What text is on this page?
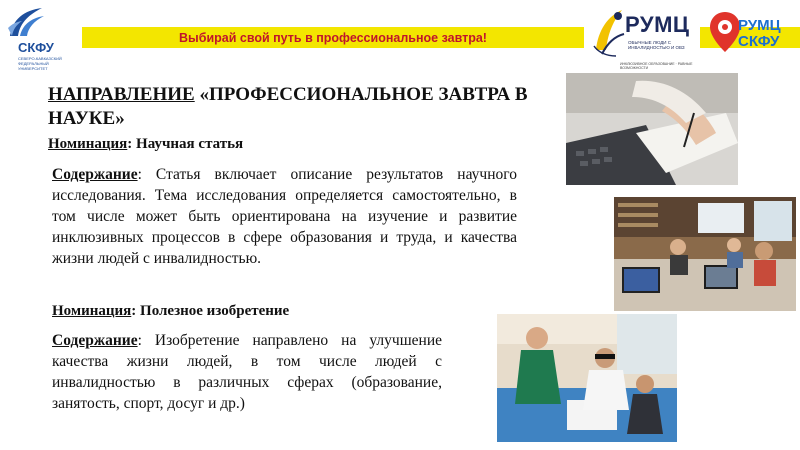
СКФУ
СЕВЕРО-КАВКАЗСКИЙ ФЕДЕРАЛЬНЫЙ УНИВЕРСИТЕТ
Выбирай свой путь в профессиональное завтра!
РУМЦ
ОБЫЧНЫЕ ЛЮДИ С ИНВАЛИДНОСТЬЮ И ОВЗ
ИНКЛЮЗИВНОЕ ОБРАЗОВАНИЕ · РАВНЫЕ ВОЗМОЖНОСТИ
РУМЦ
СКФУ
НАПРАВЛЕНИЕ «ПРОФЕССИОНАЛЬНОЕ ЗАВТРА В НАУКЕ»
Номинация: Научная статья
Содержание: Статья включает описание результатов научного исследования. Тема исследования определяется самостоятельно, в том числе может быть ориентирована на изучение и развитие инклюзивных процессов в сфере образования и труда, и качества жизни людей с инвалидностью.
Номинация: Полезное изобретение
Содержание: Изобретение направлено на улучшение качества жизни людей, в том числе людей с инвалидностью в различных сферах (образование, занятость, спорт, досуг и др.)
